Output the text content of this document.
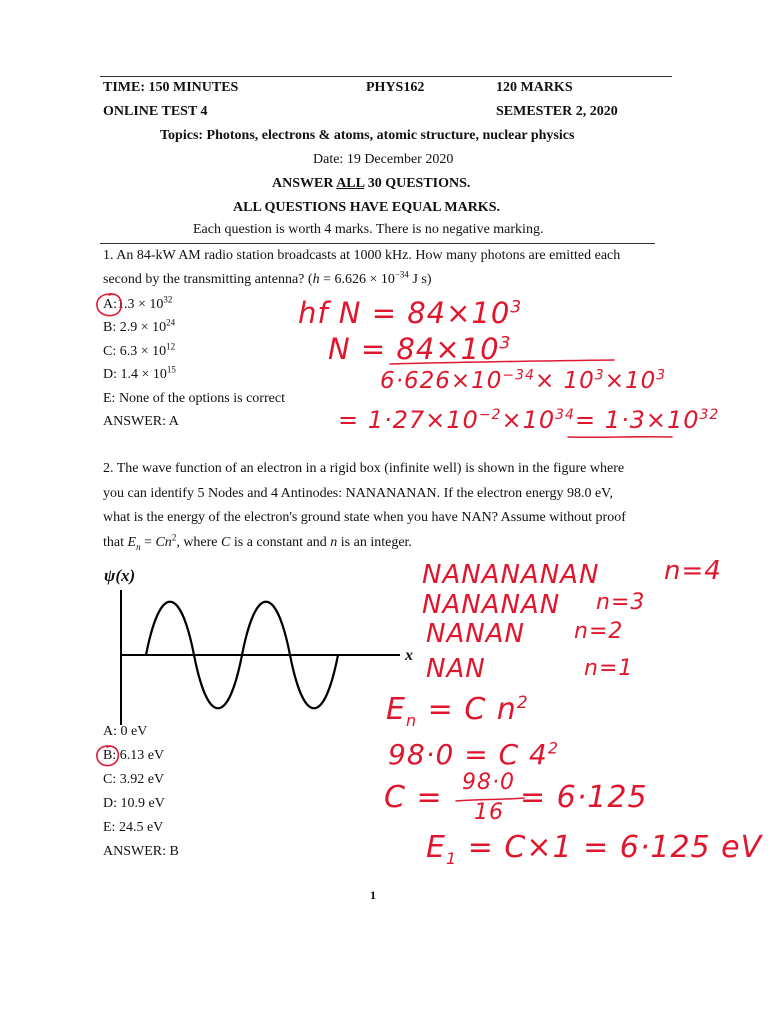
TIME: 150 MINUTES	PHYS162	120 MARKS
ONLINE TEST 4	SEMESTER 2, 2020
Topics: Photons, electrons & atoms, atomic structure, nuclear physics
Date: 19 December 2020
ANSWER ALL 30 QUESTIONS.
ALL QUESTIONS HAVE EQUAL MARKS.
Each question is worth 4 marks. There is no negative marking.
1. An 84-kW AM radio station broadcasts at 1000 kHz. How many photons are emitted each
second by the transmitting antenna? ($h = 6.626 \times 10^{-34}$ J s)
A:1.3 × $10^{32}$
B: $2.9 \times 10^{24}$
C: $6.3 \times 10^{12}$
D: $1.4 \times 10^{15}$
E: None of the options is correct
ANSWER: A
hf $N = 84\times 10^3$
$N = 84\times 10^3$
$6\cdot 626\times 10^{-34}\times 10^3\times 10^3$
= $1\cdot 27\times 10^{-2}\times 10^{34}= 1\cdot 3\times 10^{32}$
2. The wave function of an electron in a rigid box (infinite well) is shown in the figure where
you can identify 5 Nodes and 4 Antinodes: NANANANAN. If the electron energy 98.0 eV,
what is the energy of the electron's ground state when you have NAN? Assume without proof
that $E_n = Cn^2$, where C is a constant and n is an integer.
ψ(x)
x
A: 0 eV
B: 6.13 eV
C: 3.92 eV
D: 10.9 eV
E: 24.5 eV
ANSWER: B
NANANANAN n=4
NANANAN n=3
NANAN n=2
NAN	n=1
$E_n = C$ $n^2$
98·0 = C $4^2$
C = 98·0
16 = 6·125
$E_1 = C\times 1 = 6\cdot 125$ eV
1
